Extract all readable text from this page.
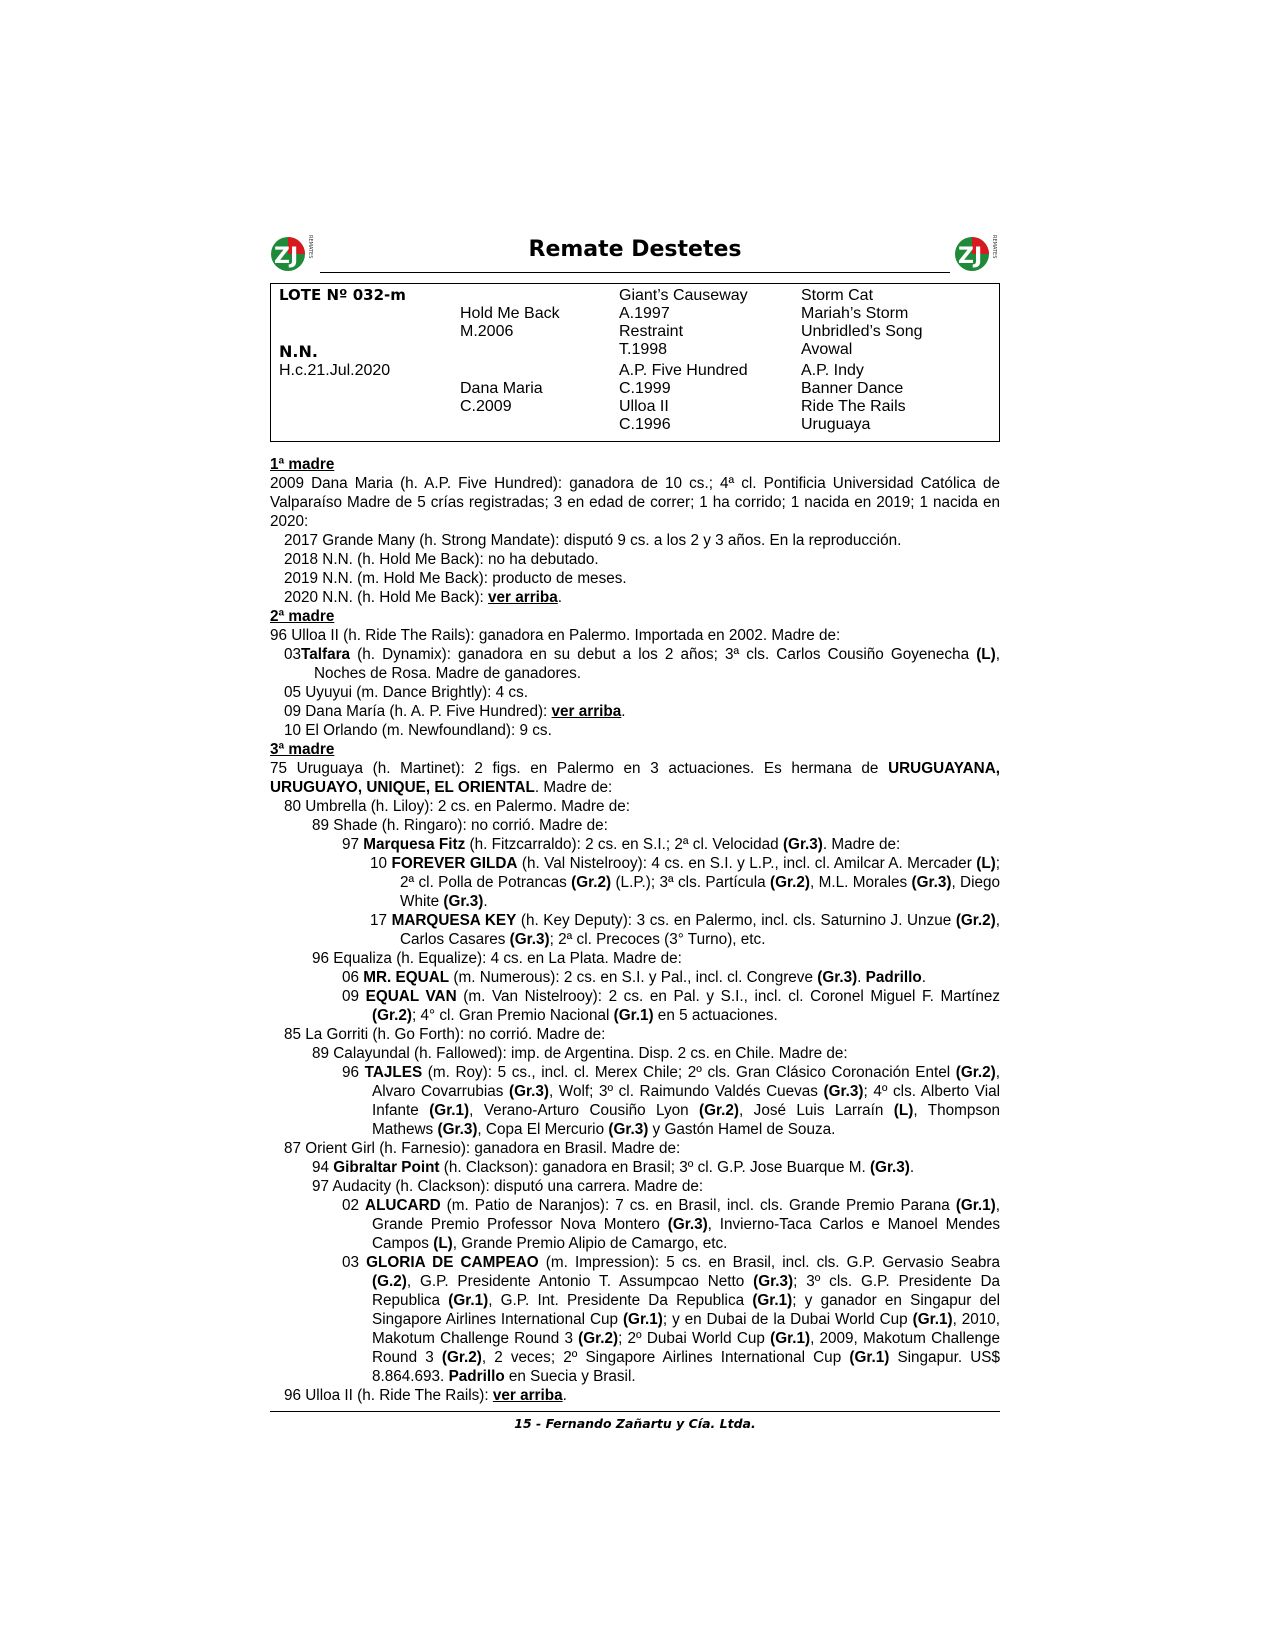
ZJ REMATES	Remate Destetes	ZJ REMATES
LOTE Nº 032-m
N.N.
H.c.21.Jul.2020
Hold Me Back
M.2006
Dana Maria
C.2009
Giant’s Causeway
A.1997
Restraint
T.1998
A.P. Five Hundred
C.1999
Ulloa II
C.1996
Storm Cat
Mariah’s Storm
Unbridled’s Song
Avowal
A.P. Indy
Banner Dance
Ride The Rails
Uruguaya
1ª madre
2009 Dana Maria (h. A.P. Five Hundred): ganadora de 10 cs.; 4ª cl. Pontificia Universidad Católica de Valparaíso Madre de 5 crías registradas; 3 en edad de correr; 1 ha corrido; 1 nacida en 2019; 1 nacida en 2020:
2017 Grande Many (h. Strong Mandate): disputó 9 cs. a los 2 y 3 años. En la reproducción.
2018 N.N. (h. Hold Me Back): no ha debutado.
2019 N.N. (m. Hold Me Back): producto de meses.
2020 N.N. (h. Hold Me Back): ver arriba.
2ª madre
96 Ulloa II (h. Ride The Rails): ganadora en Palermo. Importada en 2002. Madre de:
03Talfara (h. Dynamix): ganadora en su debut a los 2 años; 3ª cls. Carlos Cousiño Goyenecha (L), Noches de Rosa. Madre de ganadores.
05 Uyuyui (m. Dance Brightly): 4 cs.
09 Dana María (h. A. P. Five Hundred): ver arriba.
10 El Orlando (m. Newfoundland): 9 cs.
3ª madre
75 Uruguaya (h. Martinet): 2 figs. en Palermo en 3 actuaciones. Es hermana de URUGUAYANA, URUGUAYO, UNIQUE, EL ORIENTAL. Madre de:
80 Umbrella (h. Liloy): 2 cs. en Palermo. Madre de:
89 Shade (h. Ringaro): no corrió. Madre de:
97 Marquesa Fitz (h. Fitzcarraldo): 2 cs. en S.I.; 2ª cl. Velocidad (Gr.3). Madre de:
10 FOREVER GILDA (h. Val Nistelrooy): 4 cs. en S.I. y L.P., incl. cl. Amilcar A. Mercader (L); 2ª cl. Polla de Potrancas (Gr.2) (L.P.); 3ª cls. Partícula (Gr.2), M.L. Morales (Gr.3), Diego White (Gr.3).
17 MARQUESA KEY (h. Key Deputy): 3 cs. en Palermo, incl. cls. Saturnino J. Unzue (Gr.2), Carlos Casares (Gr.3); 2ª cl. Precoces (3° Turno), etc.
96 Equaliza (h. Equalize): 4 cs. en La Plata. Madre de:
06 MR. EQUAL (m. Numerous): 2 cs. en S.I. y Pal., incl. cl. Congreve (Gr.3). Padrillo.
09 EQUAL VAN (m. Van Nistelrooy): 2 cs. en Pal. y S.I., incl. cl. Coronel Miguel F. Martínez (Gr.2); 4° cl. Gran Premio Nacional (Gr.1) en 5 actuaciones.
85 La Gorriti (h. Go Forth): no corrió. Madre de:
89 Calayundal (h. Fallowed): imp. de Argentina. Disp. 2 cs. en Chile. Madre de:
96 TAJLES (m. Roy): 5 cs., incl. cl. Merex Chile; 2º cls. Gran Clásico Coronación Entel (Gr.2), Alvaro Covarrubias (Gr.3), Wolf; 3º cl. Raimundo Valdés Cuevas (Gr.3); 4º cls. Alberto Vial Infante (Gr.1), Verano-Arturo Cousiño Lyon (Gr.2), José Luis Larraín (L), Thompson Mathews (Gr.3), Copa El Mercurio (Gr.3) y Gastón Hamel de Souza.
87 Orient Girl (h. Farnesio): ganadora en Brasil. Madre de:
94 Gibraltar Point (h. Clackson): ganadora en Brasil; 3º cl. G.P. Jose Buarque M. (Gr.3).
97 Audacity (h. Clackson): disputó una carrera. Madre de:
02 ALUCARD (m. Patio de Naranjos): 7 cs. en Brasil, incl. cls. Grande Premio Parana (Gr.1), Grande Premio Professor Nova Montero (Gr.3), Invierno-Taca Carlos e Manoel Mendes Campos (L), Grande Premio Alipio de Camargo, etc.
03 GLORIA DE CAMPEAO (m. Impression): 5 cs. en Brasil, incl. cls. G.P. Gervasio Seabra (G.2), G.P. Presidente Antonio T. Assumpcao Netto (Gr.3); 3º cls. G.P. Presidente Da Republica (Gr.1), G.P. Int. Presidente Da Republica (Gr.1); y ganador en Singapur del Singapore Airlines International Cup (Gr.1); y en Dubai de la Dubai World Cup (Gr.1), 2010, Makotum Challenge Round 3 (Gr.2); 2º Dubai World Cup (Gr.1), 2009, Makotum Challenge Round 3 (Gr.2), 2 veces; 2º Singapore Airlines International Cup (Gr.1) Singapur. US$ 8.864.693. Padrillo en Suecia y Brasil.
96 Ulloa II (h. Ride The Rails): ver arriba.
15 - Fernando Zañartu y Cía. Ltda.
